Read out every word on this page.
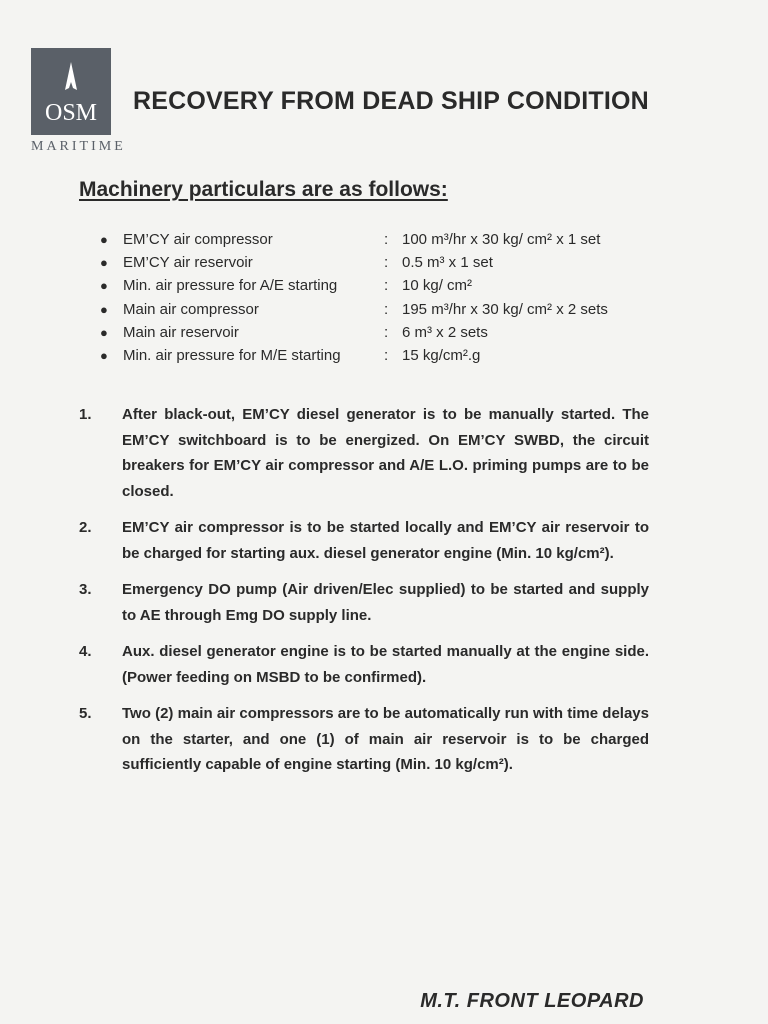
OSM
MARITIME
RECOVERY FROM DEAD SHIP CONDITION
Machinery particulars are as follows:
● EM’CY air compressor	: 100 m³/hr x 30 kg/ cm² x 1 set
● EM’CY air reservoir	: 0.5 m³ x 1 set
● Min. air pressure for A/E starting	: 10 kg/ cm²
● Main air compressor	: 195 m³/hr x 30 kg/ cm² x 2 sets
● Main air reservoir	: 6 m³ x 2 sets
● Min. air pressure for M/E starting	: 15 kg/cm².g
1. After black-out, EM’CY diesel generator is to be manually started. The EM’CY switchboard is to be energized. On EM’CY SWBD, the circuit breakers for EM’CY air compressor and A/E L.O. priming pumps are to be closed.
2. EM’CY air compressor is to be started locally and EM’CY air reservoir to be charged for starting aux. diesel generator engine (Min. 10 kg/cm²).
3. Emergency DO pump (Air driven/Elec supplied) to be started and supply to AE through Emg DO supply line.
4. Aux. diesel generator engine is to be started manually at the engine side. (Power feeding on MSBD to be confirmed).
5. Two (2) main air compressors are to be automatically run with time delays on the starter, and one (1) of main air reservoir is to be charged sufficiently capable of engine starting (Min. 10 kg/cm²).
M.T. FRONT LEOPARD
